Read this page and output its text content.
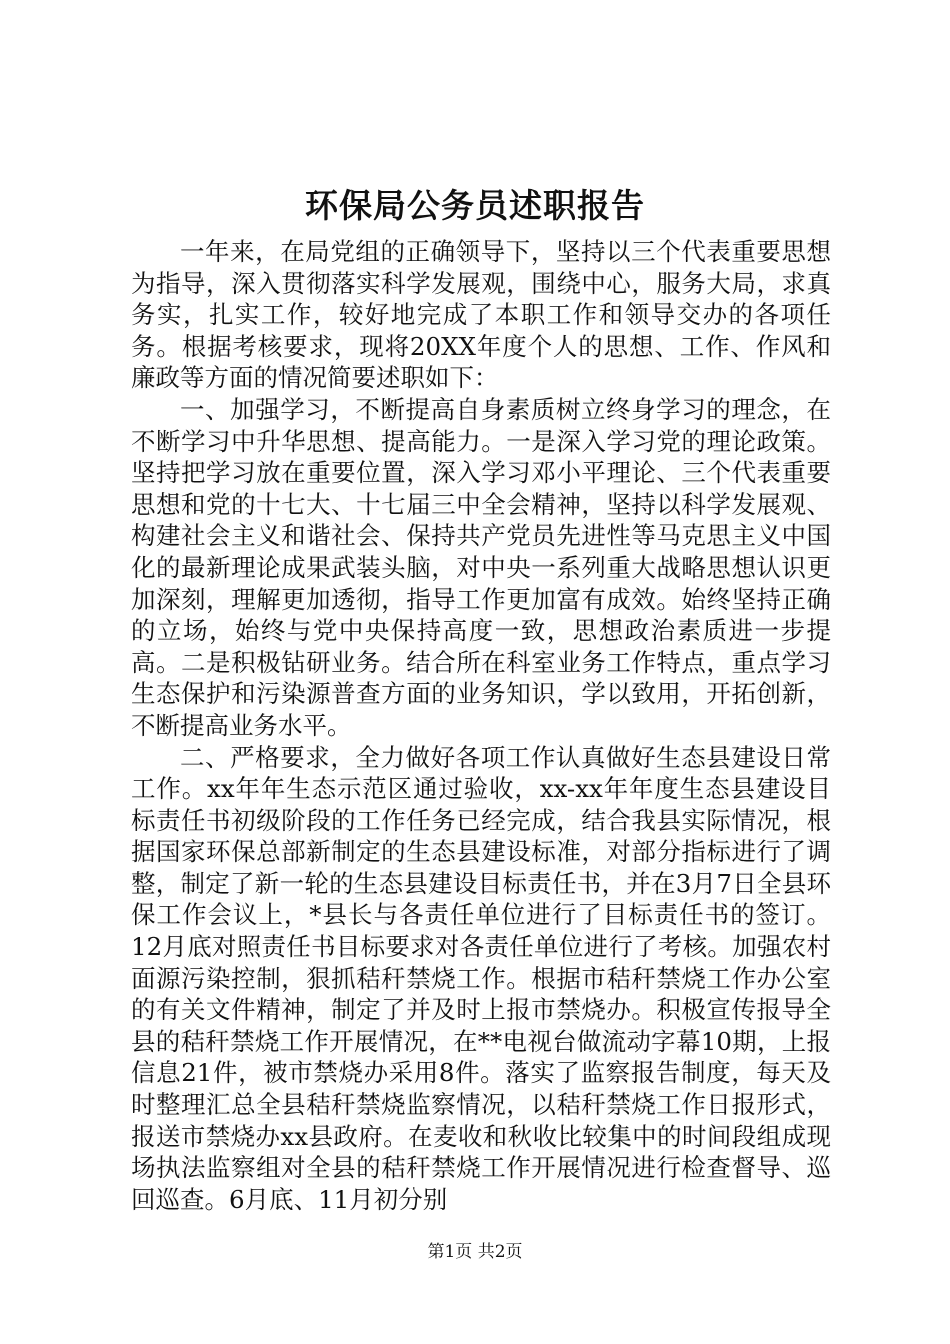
环保局公务员述职报告

一年来，在局党组的正确领导下，坚持以三个代表重要思想为指导，深入贯彻落实科学发展观，围绕中心，服务大局，求真务实，扎实工作，较好地完成了本职工作和领导交办的各项任务。根据考核要求，现将20XX年度个人的思想、工作、作风和廉政等方面的情况简要述职如下：

一、加强学习，不断提高自身素质树立终身学习的理念，在不断学习中升华思想、提高能力。一是深入学习党的理论政策。坚持把学习放在重要位置，深入学习邓小平理论、三个代表重要思想和党的十七大、十七届三中全会精神，坚持以科学发展观、构建社会主义和谐社会、保持共产党员先进性等马克思主义中国化的最新理论成果武装头脑，对中央一系列重大战略思想认识更加深刻，理解更加透彻，指导工作更加富有成效。始终坚持正确的立场，始终与党中央保持高度一致，思想政治素质进一步提高。二是积极钻研业务。结合所在科室业务工作特点，重点学习生态保护和污染源普查方面的业务知识，学以致用，开拓创新，不断提高业务水平。

二、严格要求，全力做好各项工作认真做好生态县建设日常工作。xx年年生态示范区通过验收，xx-xx年年度生态县建设目标责任书初级阶段的工作任务已经完成，结合我县实际情况，根据国家环保总部新制定的生态县建设标准，对部分指标进行了调整，制定了新一轮的生态县建设目标责任书，并在3月7日全县环保工作会议上，*县长与各责任单位进行了目标责任书的签订。12月底对照责任书目标要求对各责任单位进行了考核。加强农村面源污染控制，狠抓秸秆禁烧工作。根据市秸秆禁烧工作办公室的有关文件精神，制定了并及时上报市禁烧办。积极宣传报导全县的秸秆禁烧工作开展情况，在**电视台做流动字幕10期，上报信息21件，被市禁烧办采用8件。落实了监察报告制度，每天及时整理汇总全县秸秆禁烧监察情况，以秸秆禁烧工作日报形式，报送市禁烧办xx县政府。在麦收和秋收比较集中的时间段组成现场执法监察组对全县的秸秆禁烧工作开展情况进行检查督导、巡回巡查。6月底、11月初分别

第1页 共2页
